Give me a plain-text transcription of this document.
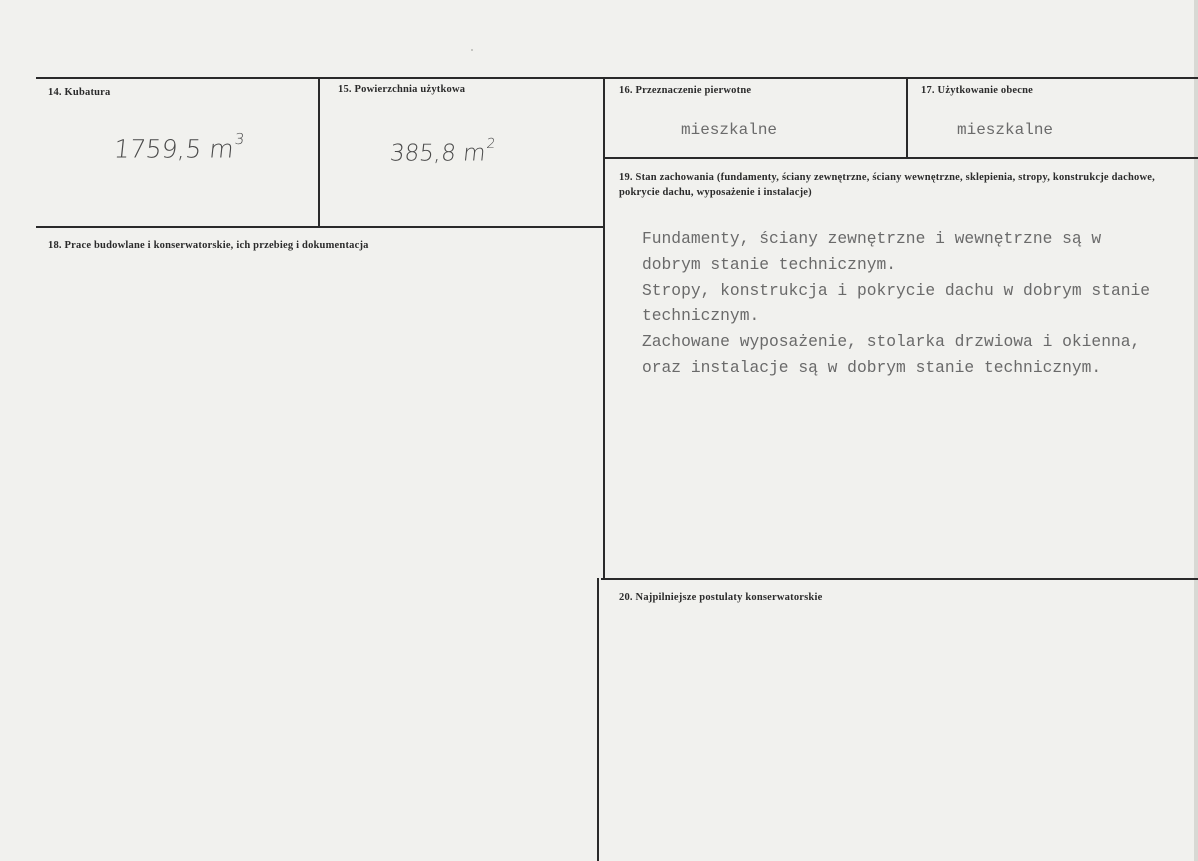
14. Kubatura
1759,5 $m^3$
15. Powierzchnia użytkowa
385,8 $m^2$
16. Przeznaczenie pierwotne
mieszkalne
17. Użytkowanie obecne
mieszkalne
18. Prace budowlane i konserwatorskie, ich przebieg i dokumentacja
19. Stan zachowania (fundamenty, ściany zewnętrzne, ściany wewnętrzne, sklepienia, stropy, konstrukcje dachowe, pokrycie dachu, wyposażenie i instalacje)
Fundamenty, ściany zewnętrzne i wewnętrzne są w
dobrym stanie technicznym.
Stropy, konstrukcja i pokrycie dachu w dobrym stanie
technicznym.
Zachowane wyposażenie, stolarka drzwiowa i okienna,
oraz instalacje są w dobrym stanie technicznym.
20. Najpilniejsze postulaty konserwatorskie
